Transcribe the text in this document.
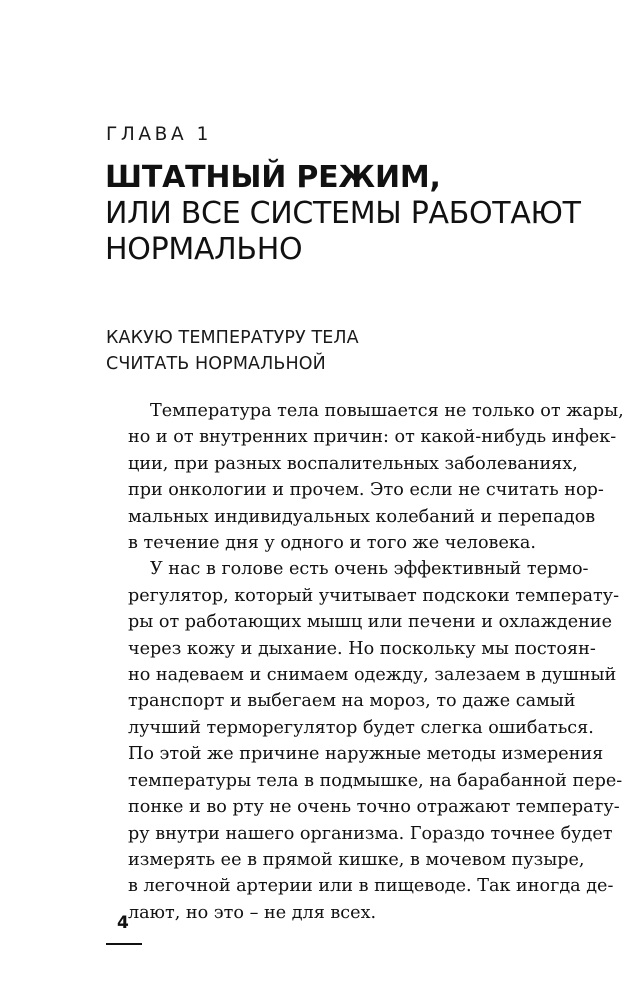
ГЛАВА 1
ШТАТНЫЙ РЕЖИМ,
ИЛИ ВСЕ СИСТЕМЫ РАБОТАЮТ
НОРМАЛЬНО
КАКУЮ ТЕМПЕРАТУРУ ТЕЛА
СЧИТАТЬ НОРМАЛЬНОЙ
Температура тела повышается не только от жары,
но и от внутренних причин: от какой-нибудь инфек-
ции, при разных воспалительных заболеваниях,
при онкологии и прочем. Это если не считать нор-
мальных индивидуальных колебаний и перепадов
в течение дня у одного и того же человека.
У нас в голове есть очень эффективный термо-
регулятор, который учитывает подскоки температу-
ры от работающих мышц или печени и охлаждение
через кожу и дыхание. Но поскольку мы постоян-
но надеваем и снимаем одежду, залезаем в душный
транспорт и выбегаем на мороз, то даже самый
лучший терморегулятор будет слегка ошибаться.
По этой же причине наружные методы измерения
температуры тела в подмышке, на барабанной пере-
понке и во рту не очень точно отражают температу-
ру внутри нашего организма. Гораздо точнее будет
измерять ее в прямой кишке, в мочевом пузыре,
в легочной артерии или в пищеводе. Так иногда де-
лают, но это – не для всех.
4
